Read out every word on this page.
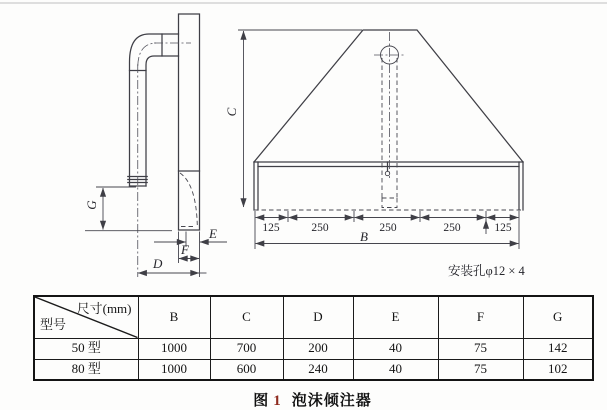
G
E
F
D
C
125	250	250	250	125
B
安装孔φ12 × 4
尺寸(mm)
型号	B	C	D	E	F	G
50 型	1000	700	200	40	75	142
80 型	1000	600	240	40	75	102
图 1 泡沫倾注器
